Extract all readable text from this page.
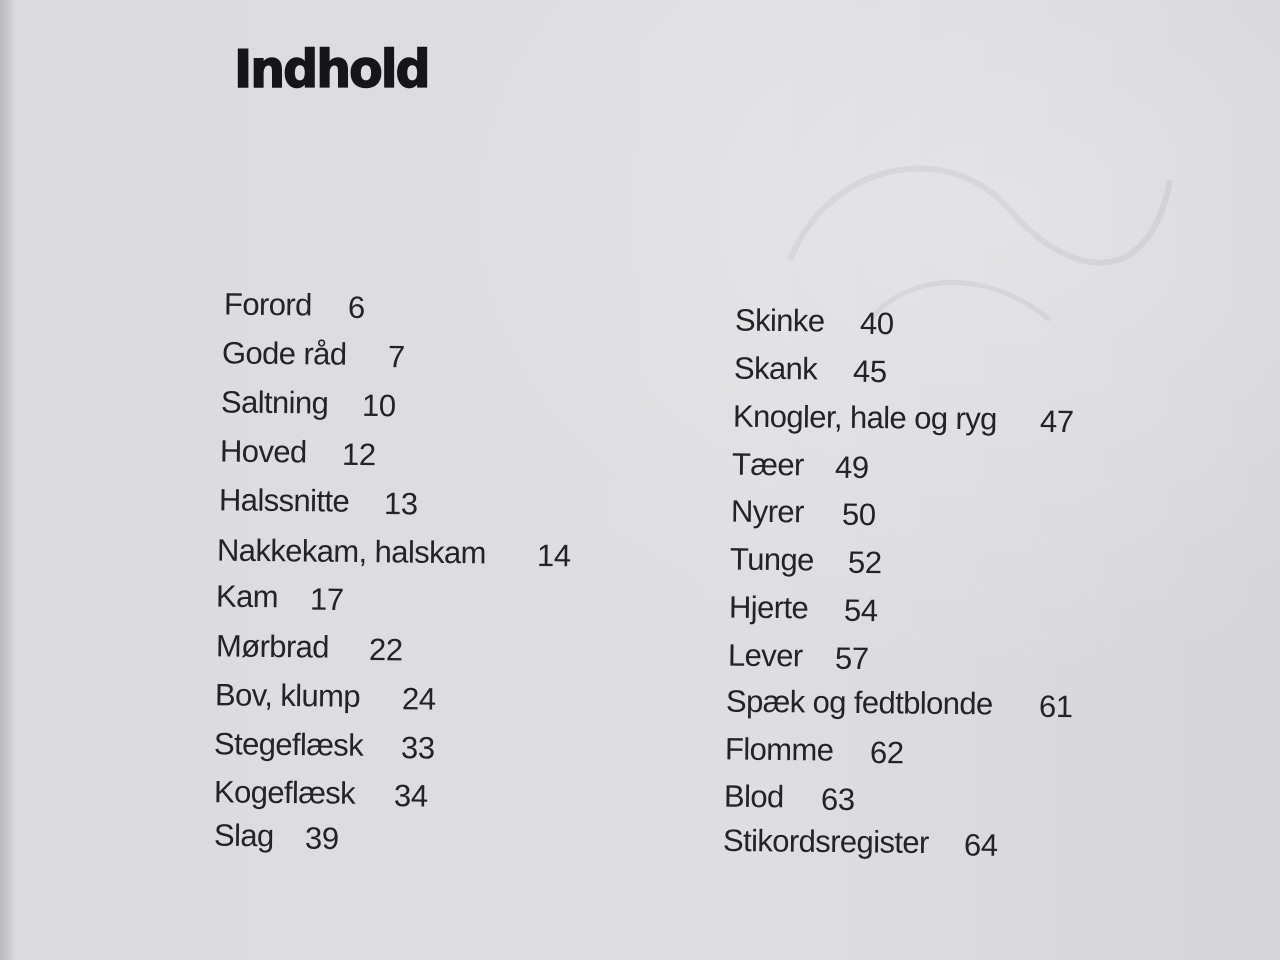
Indhold
Forord 6
Gode råd 7
Saltning 10
Hoved 12
Halssnitte 13
Nakkekam, halskam 14
Kam 17
Mørbrad 22
Bov, klump 24
Stegeflæsk 33
Kogeflæsk 34
Slag 39
Skinke 40
Skank 45
Knogler, hale og ryg 47
Tæer 49
Nyrer 50
Tunge 52
Hjerte 54
Lever 57
Spæk og fedtblonde 61
Flomme 62
Blod 63
Stikordsregister 64
